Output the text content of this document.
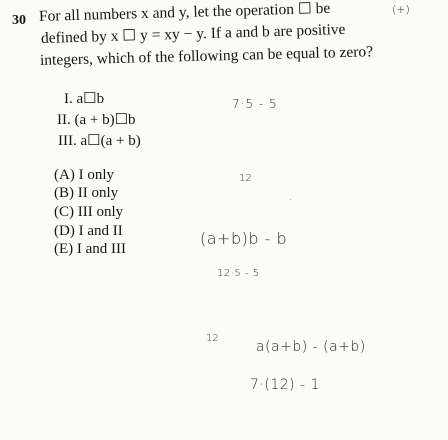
30 For all numbers x and y, let the operation ☐ be
defined by x ☐ y = xy − y. If a and b are positive
integers, which of the following can be equal to zero?
I. a☐b
II. (a + b)☐b
III. a☐(a + b)
(A) I only
(B) II only
(C) III only
(D) I and II
(E) I and III
(+)
7·5 - 5
12
.
(a+b)b - b
12·5 - 5
12
a(a+b) - (a+b)
7·(12) - 1
